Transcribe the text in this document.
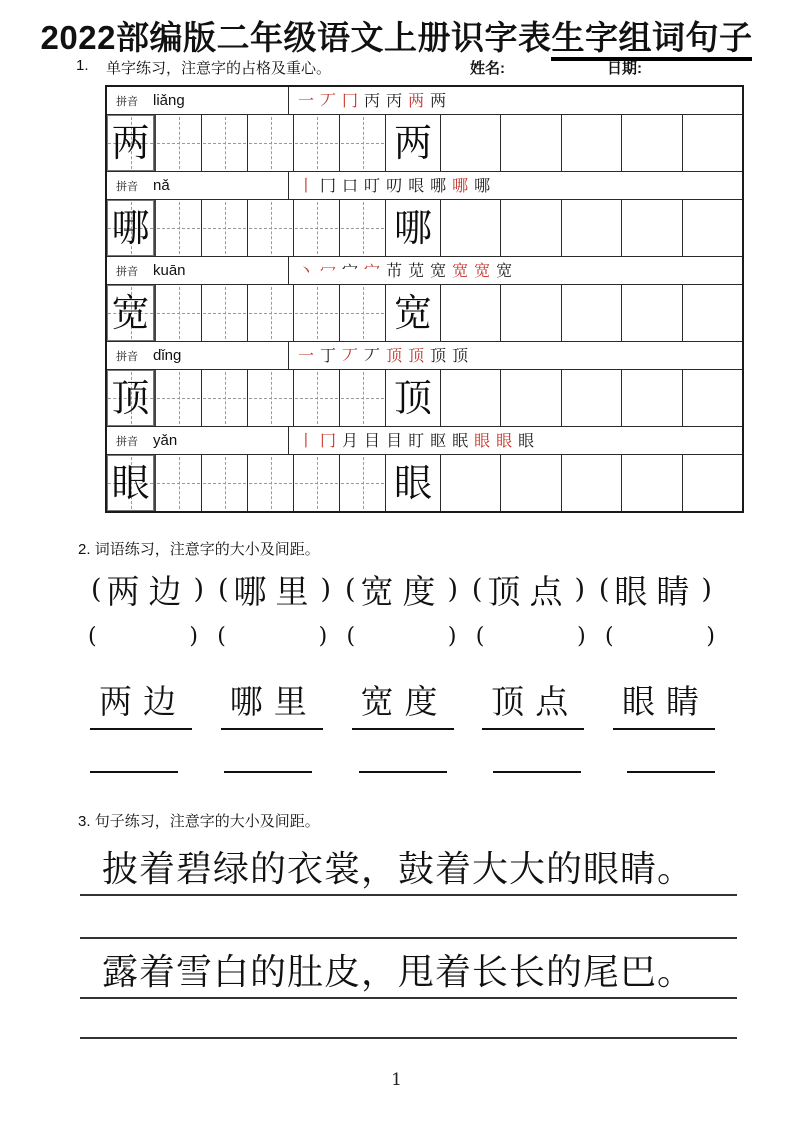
2022部编版二年级语文上册识字表生字组词句子
1. 单字练习，注意字的占格及重心。	姓名:	日期:
拼音 liǎng	一 丆 冂 丙 丙 两 两
两	两
拼音 nǎ	丨 冂 口 叮 叨 哏 哪 哪 哪
哪	哪
拼音 kuān	丶 冖 宀 宀 芇 苋 宽 宽 宽 宽
宽	宽
拼音 dǐng	一 丁 丆 丆 顶 顶 顶 顶
顶	顶
拼音 yǎn	丨 冂 月 目 目 盯 眍 眠 眼 眼 眼
眼	眼
2. 词语练习，注意字的大小及间距。
( 两边 ) ( 哪里 ) ( 宽度 ) ( 顶点 ) ( 眼睛 )
(	) (	) (	) (	) (	)
两边 哪里 宽度 顶点 眼睛
3. 句子练习，注意字的大小及间距。
披着碧绿的衣裳，鼓着大大的眼睛。
露着雪白的肚皮，甩着长长的尾巴。
1
